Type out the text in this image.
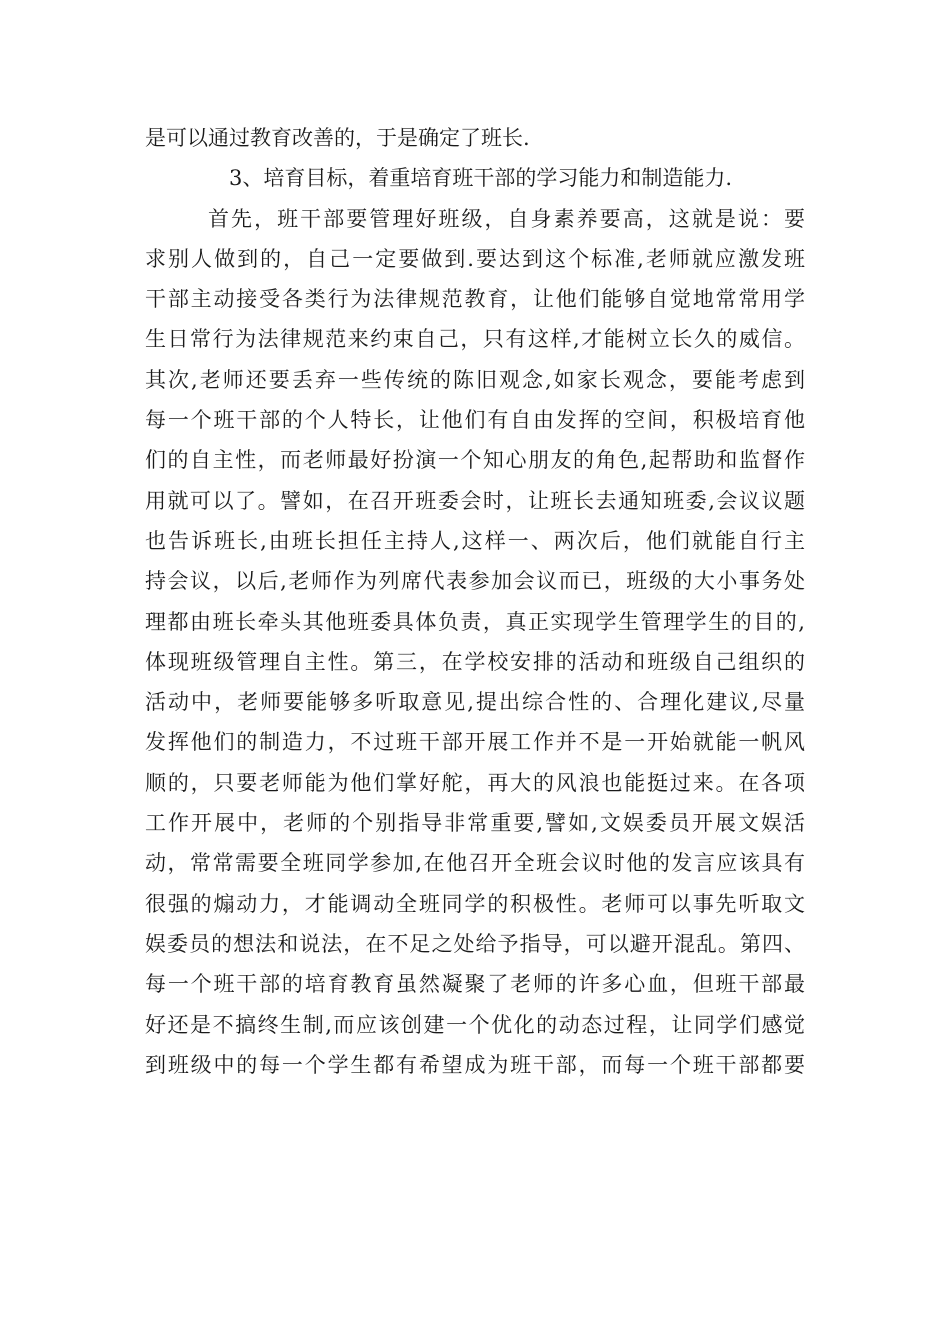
是可以通过教育改善的，于是确定了班长.
3、培育目标，着重培育班干部的学习能力和制造能力.
首先，班干部要管理好班级，自身素养要高，这就是说：要
求别人做到的，自己一定要做到.要达到这个标准,老师就应激发班
干部主动接受各类行为法律规范教育，让他们能够自觉地常常用学
生日常行为法律规范来约束自己，只有这样,才能树立长久的威信。
其次,老师还要丢弃一些传统的陈旧观念,如家长观念，要能考虑到
每一个班干部的个人特长，让他们有自由发挥的空间，积极培育他
们的自主性，而老师最好扮演一个知心朋友的角色,起帮助和监督作
用就可以了。譬如，在召开班委会时，让班长去通知班委,会议议题
也告诉班长,由班长担任主持人,这样一、两次后，他们就能自行主
持会议，以后,老师作为列席代表参加会议而已，班级的大小事务处
理都由班长牵头其他班委具体负责，真正实现学生管理学生的目的,
体现班级管理自主性。第三，在学校安排的活动和班级自己组织的
活动中，老师要能够多听取意见,提出综合性的、合理化建议,尽量
发挥他们的制造力，不过班干部开展工作并不是一开始就能一帆风
顺的，只要老师能为他们掌好舵，再大的风浪也能挺过来。在各项
工作开展中，老师的个别指导非常重要,譬如,文娱委员开展文娱活
动，常常需要全班同学参加,在他召开全班会议时他的发言应该具有
很强的煽动力，才能调动全班同学的积极性。老师可以事先听取文
娱委员的想法和说法，在不足之处给予指导，可以避开混乱。第四、
每一个班干部的培育教育虽然凝聚了老师的许多心血，但班干部最
好还是不搞终生制,而应该创建一个优化的动态过程，让同学们感觉
到班级中的每一个学生都有希望成为班干部，而每一个班干部都要
